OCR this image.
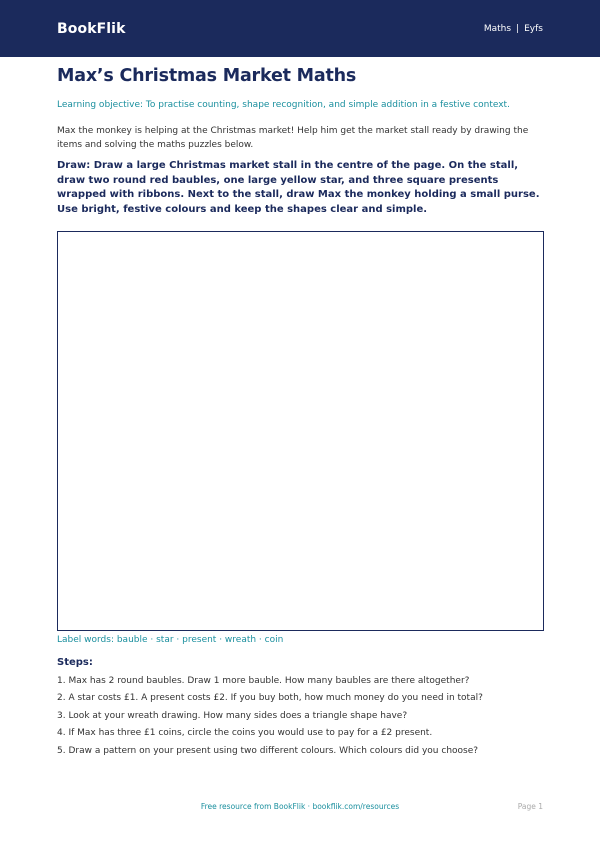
BookFlik	Maths | Eyfs
Max’s Christmas Market Maths

Learning objective: To practise counting, shape recognition, and simple addition in a festive context.

Max the monkey is helping at the Christmas market! Help him get the market stall ready by drawing the items and solving the maths puzzles below.

Draw: Draw a large Christmas market stall in the centre of the page. On the stall, draw two round red baubles, one large yellow star, and three square presents wrapped with ribbons. Next to the stall, draw Max the monkey holding a small purse. Use bright, festive colours and keep the shapes clear and simple.

Label words: bauble · star · present · wreath · coin

Steps:
1. Max has 2 round baubles. Draw 1 more bauble. How many baubles are there altogether?
2. A star costs £1. A present costs £2. If you buy both, how much money do you need in total?
3. Look at your wreath drawing. How many sides does a triangle shape have?
4. If Max has three £1 coins, circle the coins you would use to pay for a £2 present.
5. Draw a pattern on your present using two different colours. Which colours did you choose?
Free resource from BookFlik · bookflik.com/resources	Page 1
